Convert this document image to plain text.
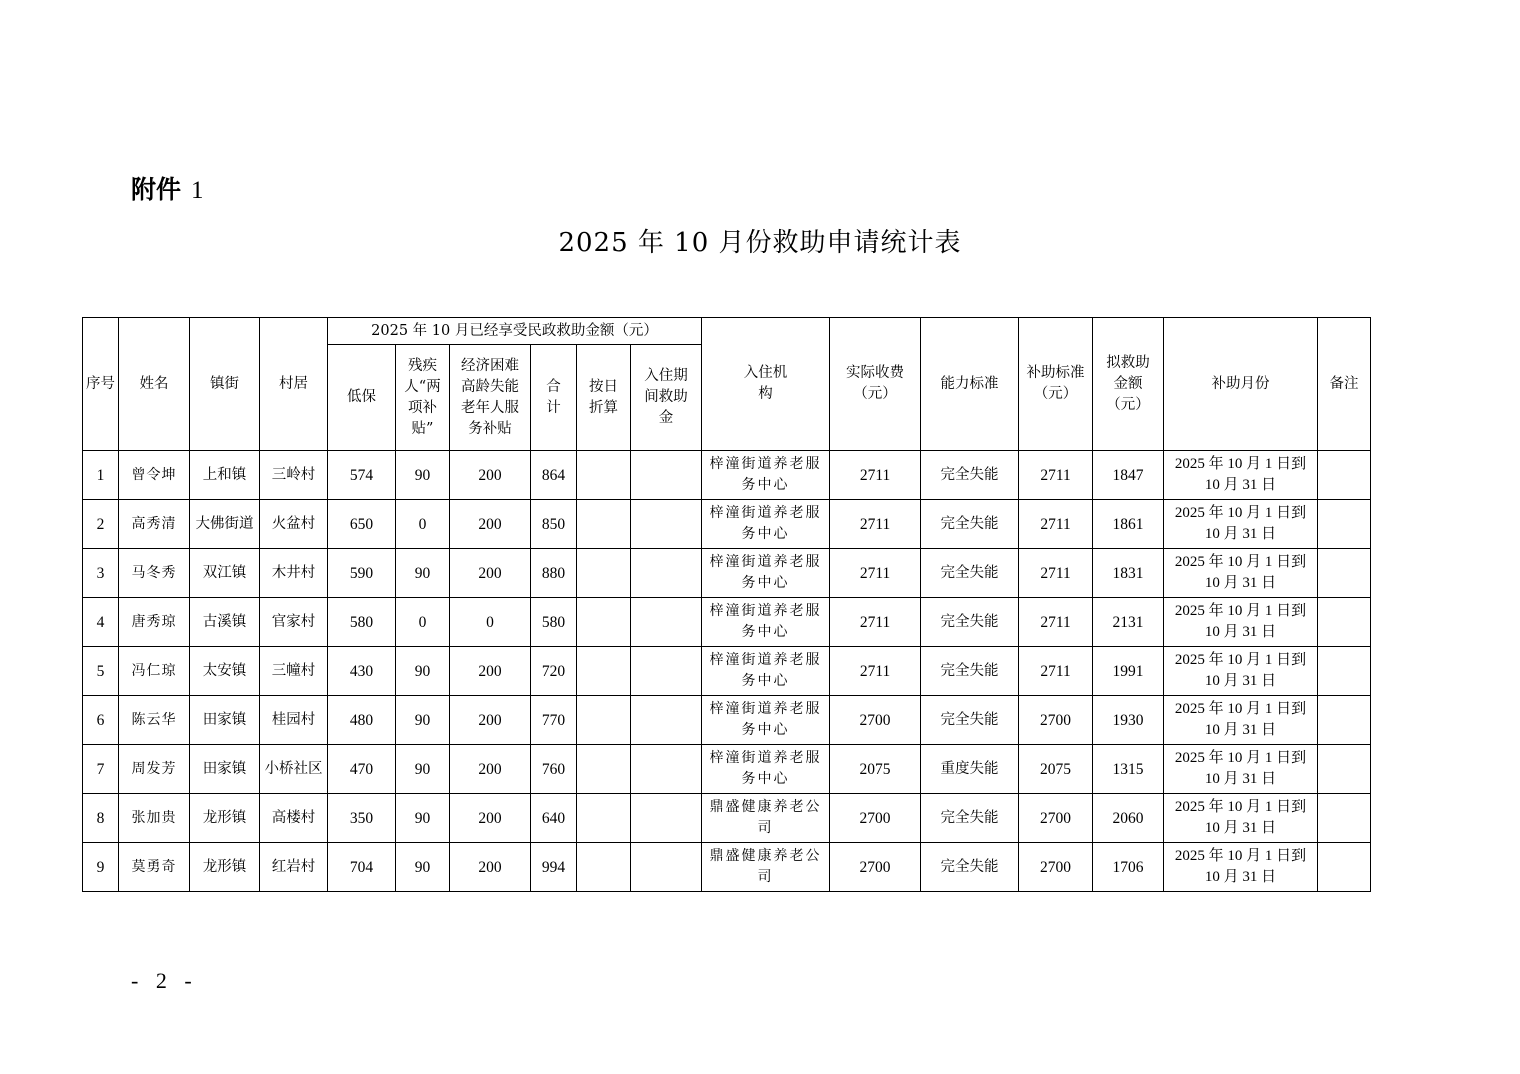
附件 1
2025 年 10 月份救助申请统计表
序号	姓名	镇街	村居	2025 年 10 月已经享受民政救助金额（元）						入住机构	实际收费（元）	能力标准	补助标准（元）	拟救助金额（元）	补助月份	备注
				低保	残疾人“两项补贴”	经济困难高龄失能老年人服务补贴	合计	按日折算	入住期间救助金							
1	曾令坤	上和镇	三岭村	574	90	200	864			梓潼街道养老服务中心	2711	完全失能	2711	1847	2025 年 10 月 1 日到 10 月 31 日	
2	高秀清	大佛街道	火盆村	650	0	200	850			梓潼街道养老服务中心	2711	完全失能	2711	1861	2025 年 10 月 1 日到 10 月 31 日	
3	马冬秀	双江镇	木井村	590	90	200	880			梓潼街道养老服务中心	2711	完全失能	2711	1831	2025 年 10 月 1 日到 10 月 31 日	
4	唐秀琼	古溪镇	官家村	580	0	0	580			梓潼街道养老服务中心	2711	完全失能	2711	2131	2025 年 10 月 1 日到 10 月 31 日	
5	冯仁琼	太安镇	三幢村	430	90	200	720			梓潼街道养老服务中心	2711	完全失能	2711	1991	2025 年 10 月 1 日到 10 月 31 日	
6	陈云华	田家镇	桂园村	480	90	200	770			梓潼街道养老服务中心	2700	完全失能	2700	1930	2025 年 10 月 1 日到 10 月 31 日	
7	周发芳	田家镇	小桥社区	470	90	200	760			梓潼街道养老服务中心	2075	重度失能	2075	1315	2025 年 10 月 1 日到 10 月 31 日	
8	张加贵	龙形镇	高楼村	350	90	200	640			鼎盛健康养老公司	2700	完全失能	2700	2060	2025 年 10 月 1 日到 10 月 31 日	
9	莫勇奇	龙形镇	红岩村	704	90	200	994			鼎盛健康养老公司	2700	完全失能	2700	1706	2025 年 10 月 1 日到 10 月 31 日	
- 2 -
